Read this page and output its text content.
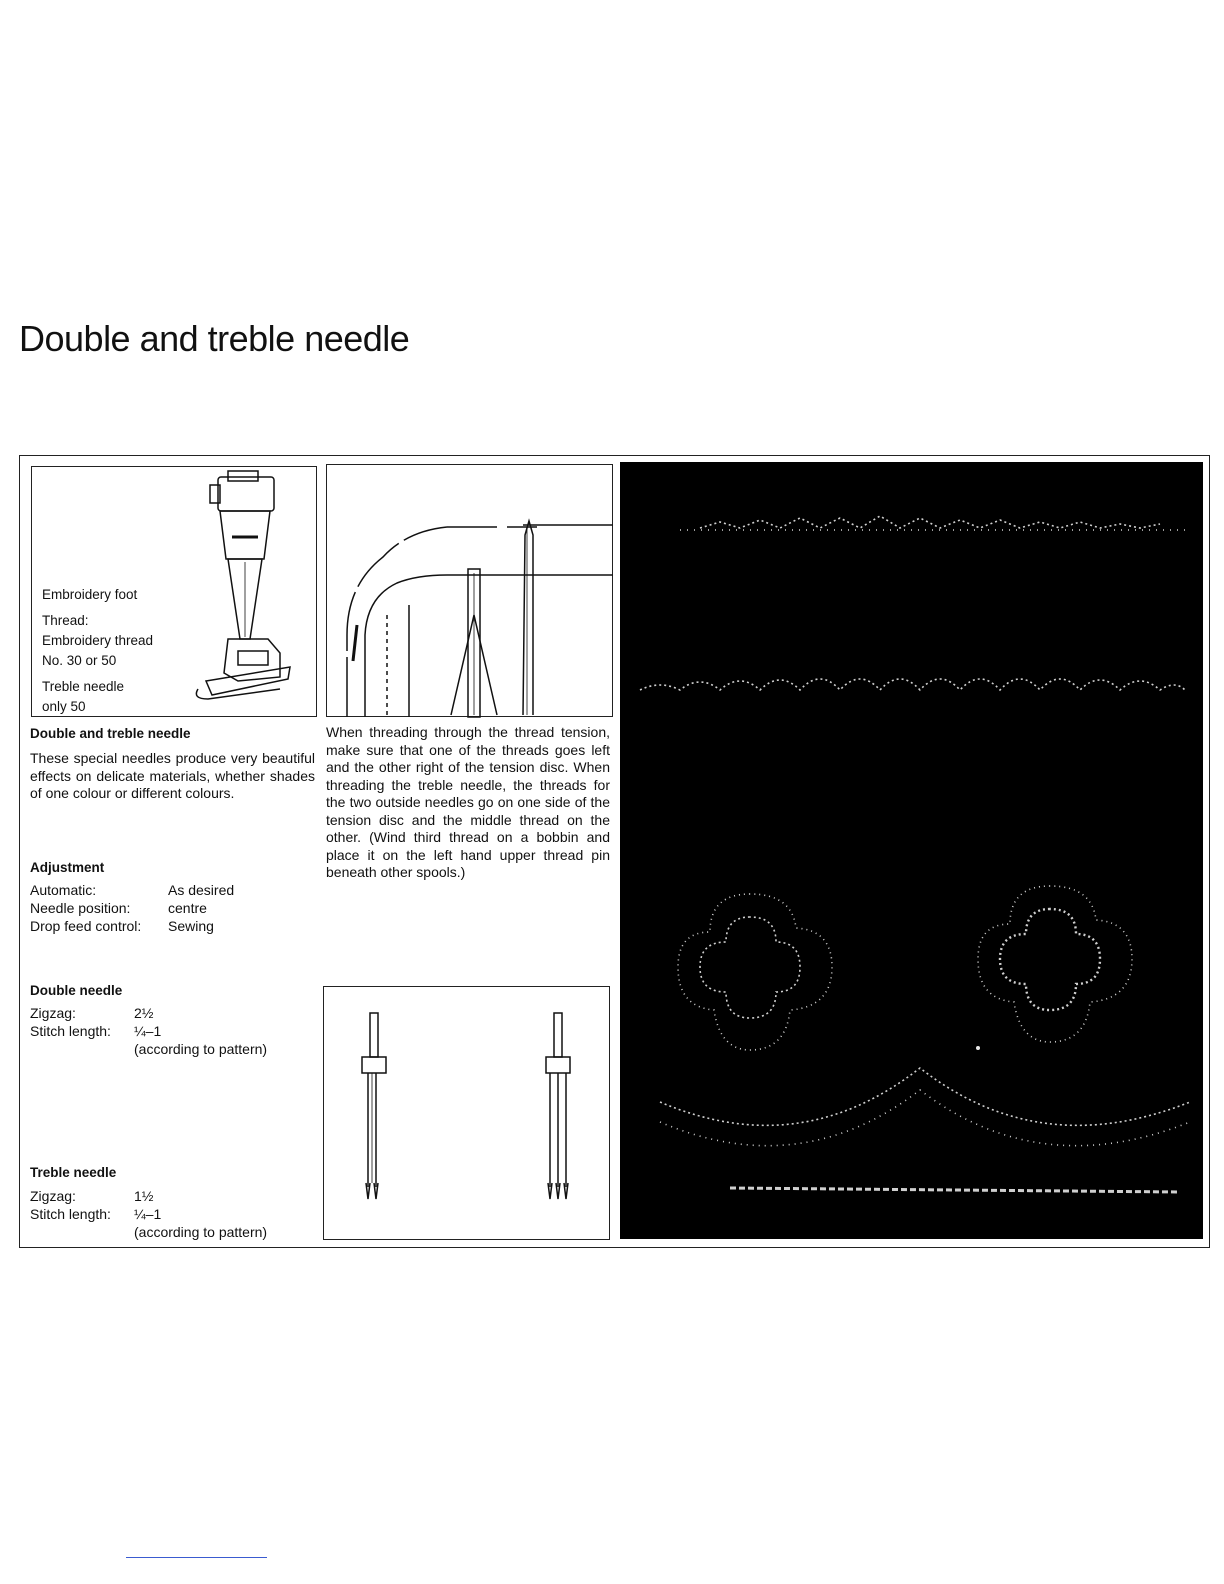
Double and treble needle
Embroidery foot
Thread:
Embroidery thread
No. 30 or 50
Treble needle
only 50
Double and treble needle
These special needles produce very beautiful effects on delicate materials, whether shades of one colour or different colours.
Adjustment
Automatic:	As desired
Needle position:	centre
Drop feed control:	Sewing
Double needle
Zigzag:	2½
Stitch length:	¼–1
(according to pattern)
Treble needle
Zigzag:	1½
Stitch length:	¼–1
(according to pattern)
When threading through the thread tension, make sure that one of the threads goes left and the other right of the tension disc. When threading the treble needle, the threads for the two outside needles go on one side of the tension disc and the middle thread on the other. (Wind third thread on a bobbin and place it on the left hand upper thread pin beneath other spools.)
